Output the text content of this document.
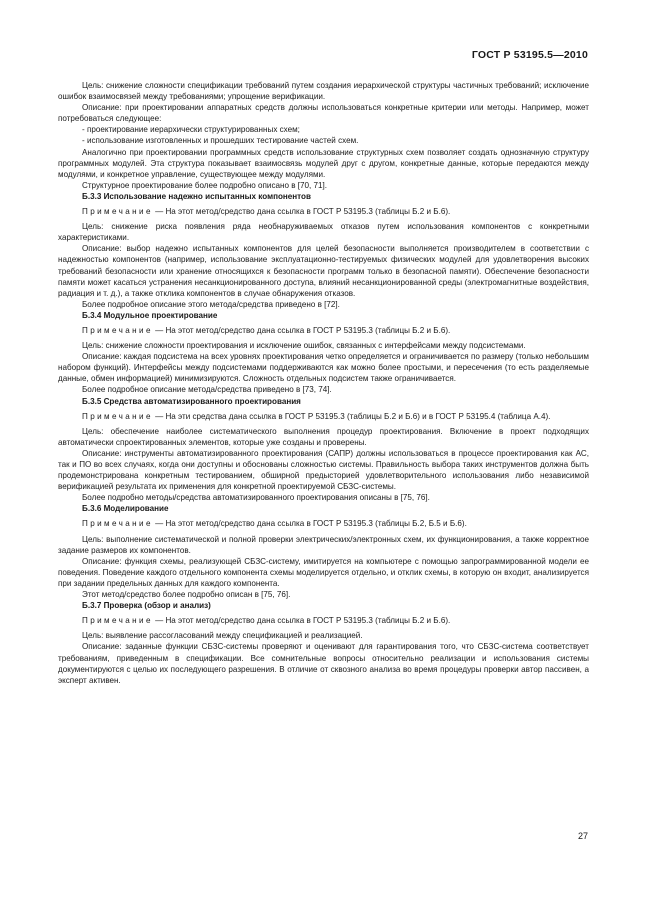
ГОСТ Р 53195.5—2010

Цель: снижение сложности спецификации требований путем создания иерархической структуры частичных требований; исключение ошибок взаимосвязей между требованиями; упрощение верификации.

Описание: при проектировании аппаратных средств должны использоваться конкретные критерии или методы. Например, может потребоваться следующее:

- проектирование иерархически структурированных схем;

- использование изготовленных и прошедших тестирование частей схем.

Аналогично при проектировании программных средств использование структурных схем позволяет создать однозначную структуру программных модулей. Эта структура показывает взаимосвязь модулей друг с другом, конкретные данные, которые передаются между модулями, и конкретное управление, существующее между модулями.

Структурное проектирование более подробно описано в [70, 71].

Б.3.3 Использование надежно испытанных компонентов

Примечание — На этот метод/средство дана ссылка в ГОСТ Р 53195.3 (таблицы Б.2 и Б.6).

Цель: снижение риска появления ряда необнаруживаемых отказов путем использования компонентов с конкретными характеристиками.

Описание: выбор надежно испытанных компонентов для целей безопасности выполняется производителем в соответствии с надежностью компонентов (например, использование эксплуатационно-тестируемых физических модулей для удовлетворения высоких требований безопасности или хранение относящихся к безопасности программ только в безопасной памяти). Обеспечение безопасности памяти может касаться устранения несанкционированного доступа, влияний несанкционированной среды (электромагнитные воздействия, радиация и т. д.), а также отклика компонентов в случае обнаружения отказов.

Более подробное описание этого метода/средства приведено в [72].

Б.3.4 Модульное проектирование

Примечание — На этот метод/средство дана ссылка в ГОСТ Р 53195.3 (таблицы Б.2 и Б.6).

Цель: снижение сложности проектирования и исключение ошибок, связанных с интерфейсами между подсистемами.

Описание: каждая подсистема на всех уровнях проектирования четко определяется и ограничивается по размеру (только небольшим набором функций). Интерфейсы между подсистемами поддерживаются как можно более простыми, и пересечения (то есть разделяемые данные, обмен информацией) минимизируются. Сложность отдельных подсистем также ограничивается.

Более подробное описание метода/средства приведено в [73, 74].

Б.3.5 Средства автоматизированного проектирования

Примечание — На эти средства дана ссылка в ГОСТ Р 53195.3 (таблицы Б.2 и Б.6) и в ГОСТ Р 53195.4 (таблица А.4).

Цель: обеспечение наиболее систематического выполнения процедур проектирования. Включение в проект подходящих автоматически спроектированных элементов, которые уже созданы и проверены.

Описание: инструменты автоматизированного проектирования (САПР) должны использоваться в процессе проектирования как АС, так и ПО во всех случаях, когда они доступны и обоснованы сложностью системы. Правильность выбора таких инструментов должна быть продемонстрирована конкретным тестированием, обширной предысторией удовлетворительного использования либо независимой верификацией результата их применения для конкретной проектируемой СБЗС-системы.

Более подробно методы/средства автоматизированного проектирования описаны в [75, 76].

Б.3.6 Моделирование

Примечание — На этот метод/средство дана ссылка в ГОСТ Р 53195.3 (таблицы Б.2, Б.5 и Б.6).

Цель: выполнение систематической и полной проверки электрических/электронных схем, их функционирования, а также корректное задание размеров их компонентов.

Описание: функция схемы, реализующей СБЗС-систему, имитируется на компьютере с помощью запрограммированной модели ее поведения. Поведение каждого отдельного компонента схемы моделируется отдельно, и отклик схемы, в которую он входит, анализируется при задании предельных данных для каждого компонента.

Этот метод/средство более подробно описан в [75, 76].

Б.3.7 Проверка (обзор и анализ)

Примечание — На этот метод/средство дана ссылка в ГОСТ Р 53195.3 (таблицы Б.2 и Б.6).

Цель: выявление рассогласований между спецификацией и реализацией.

Описание: заданные функции СБЗС-системы проверяют и оценивают для гарантирования того, что СБЗС-система соответствует требованиям, приведенным в спецификации. Все сомнительные вопросы относительно реализации и использования системы документируются с целью их последующего разрешения. В отличие от сквозного анализа во время процедуры проверки автор пассивен, а эксперт активен.

27
